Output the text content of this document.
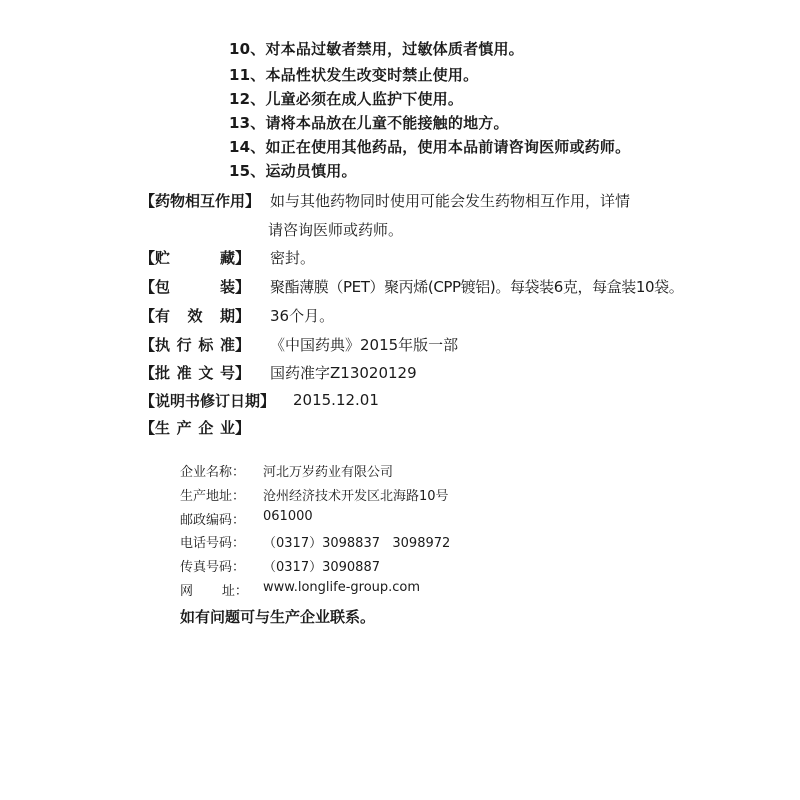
10、对本品过敏者禁用，过敏体质者慎用。
11、本品性状发生改变时禁止使用。
12、儿童必须在成人监护下使用。
13、请将本品放在儿童不能接触的地方。
14、如正在使用其他药品，使用本品前请咨询医师或药师。
15、运动员慎用。
【药物相互作用】 如与其他药物同时使用可能会发生药物相互作用，详情
请咨询医师或药师。
【贮藏】 密封。
【包装】 聚酯薄膜（PET）聚丙烯(CPP镀铝)。每袋装6克，每盒装10袋。
【有效期】 36个月。
【执行标准】 《中国药典》2015年版一部
【批准文号】 国药准字Z13020129
【说明书修订日期】 2015.12.01
【生产企业】
企业名称： 河北万岁药业有限公司
生产地址： 沧州经济技术开发区北海路10号
邮政编码： 061000
电话号码： （0317）3098837   3098972
传真号码： （0317）3090887
网       址： www.longlife-group.com
如有问题可与生产企业联系。
